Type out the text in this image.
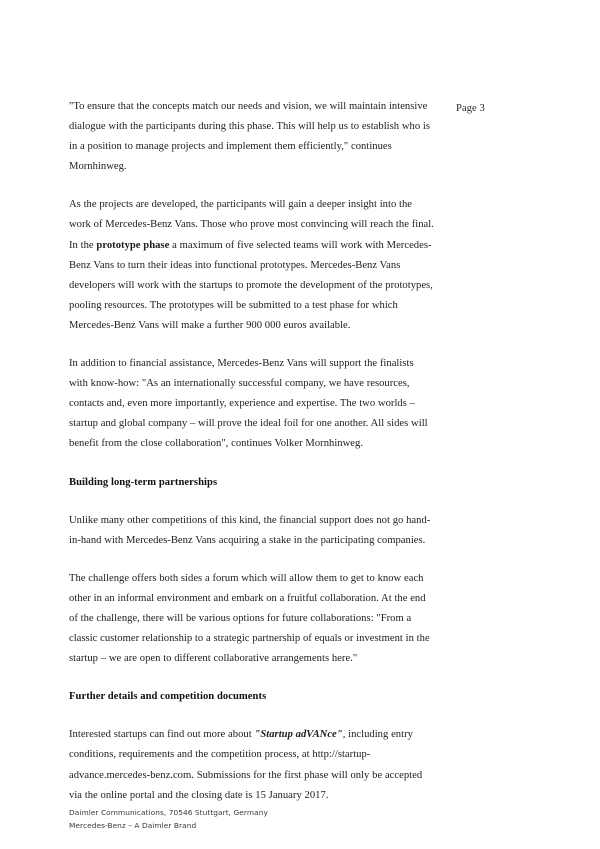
Page 3

"To ensure that the concepts match our needs and vision, we will maintain intensive dialogue with the participants during this phase. This will help us to establish who is in a position to manage projects and implement them efficiently," continues Mornhinweg.

As the projects are developed, the participants will gain a deeper insight into the work of Mercedes-Benz Vans. Those who prove most convincing will reach the final. In the prototype phase a maximum of five selected teams will work with Mercedes-Benz Vans to turn their ideas into functional prototypes. Mercedes-Benz Vans developers will work with the startups to promote the development of the prototypes, pooling resources. The prototypes will be submitted to a test phase for which Mercedes-Benz Vans will make a further 900 000 euros available.

In addition to financial assistance, Mercedes-Benz Vans will support the finalists with know-how: "As an internationally successful company, we have resources, contacts and, even more importantly, experience and expertise. The two worlds – startup and global company – will prove the ideal foil for one another. All sides will benefit from the close collaboration", continues Volker Mornhinweg.

Building long-term partnerships

Unlike many other competitions of this kind, the financial support does not go hand-in-hand with Mercedes-Benz Vans acquiring a stake in the participating companies.

The challenge offers both sides a forum which will allow them to get to know each other in an informal environment and embark on a fruitful collaboration. At the end of the challenge, there will be various options for future collaborations: "From a classic customer relationship to a strategic partnership of equals or investment in the startup – we are open to different collaborative arrangements here."

Further details and competition documents

Interested startups can find out more about "Startup adVANce", including entry conditions, requirements and the competition process, at http://startup-advance.mercedes-benz.com. Submissions for the first phase will only be accepted via the online portal and the closing date is 15 January 2017.

Daimler Communications, 70546 Stuttgart, Germany
Mercedes-Benz – A Daimler Brand
